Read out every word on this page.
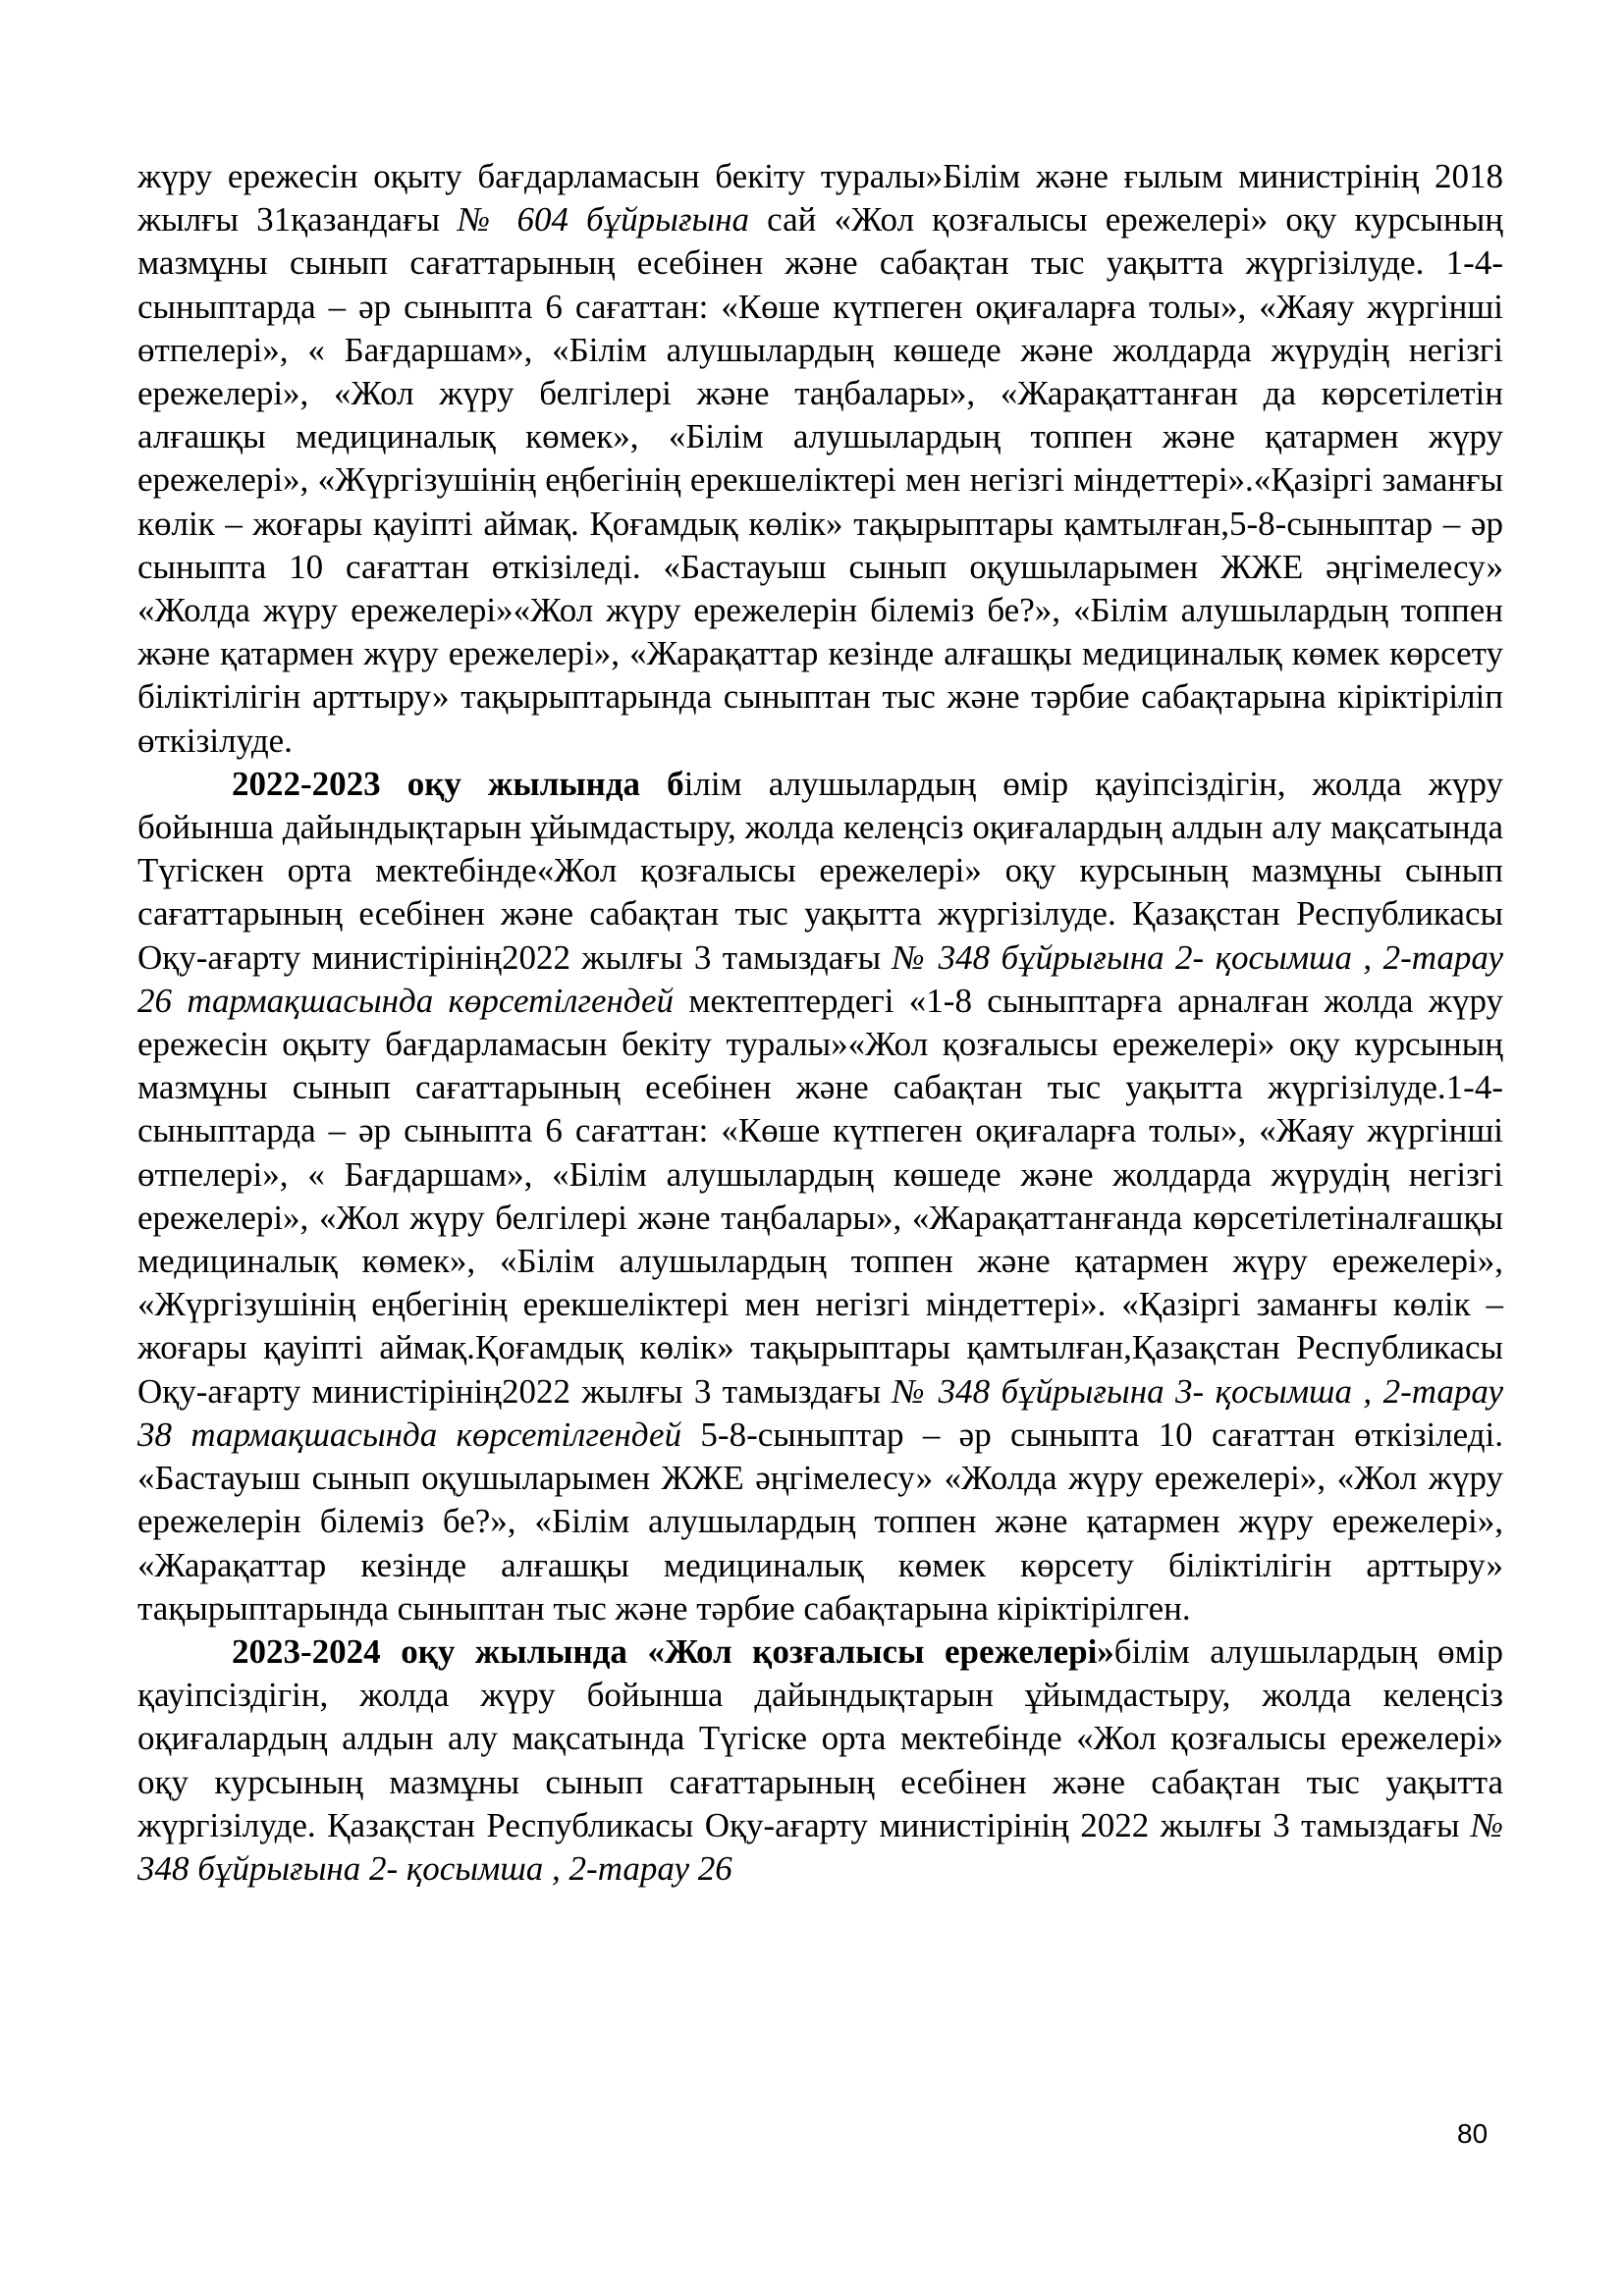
жүру ережесін оқыту бағдарламасын бекіту туралы»Білім және ғылым министрінің 2018 жылғы 31қазандағы № 604 бұйрығына сай «Жол қозғалысы ережелері» оқу курсының мазмұны сынып сағаттарының есебінен және сабақтан тыс уақытта жүргізілуде. 1-4-сыныптарда – әр сыныпта 6 сағаттан: «Көше күтпеген оқиғаларға толы», «Жаяу жүргінші өтпелері», « Бағдаршам», «Білім алушылардың көшеде және жолдарда жүрудің негізгі ережелері», «Жол жүру белгілері және таңбалары», «Жарақаттанған да көрсетілетін алғашқы медициналық көмек», «Білім алушылардың топпен және қатармен жүру ережелері», «Жүргізушінің еңбегінің ерекшеліктері мен негізгі міндеттері».«Қазіргі заманғы көлік – жоғары қауіпті аймақ. Қоғамдық көлік» тақырыптары қамтылған,5-8-сыныптар – әр сыныпта 10 сағаттан өткізіледі. «Бастауыш сынып оқушыларымен ЖЖЕ әңгімелесу» «Жолда жүру ережелері»«Жол жүру ережелерін білеміз бе?», «Білім алушылардың топпен және қатармен жүру ережелері», «Жарақаттар кезінде алғашқы медициналық көмек көрсету біліктілігін арттыру» тақырыптарында сыныптан тыс және тәрбие сабақтарына кіріктіріліп өткізілуде.

2022-2023 оқу жылында білім алушылардың өмір қауіпсіздігін, жолда жүру бойынша дайындықтарын ұйымдастыру, жолда келеңсіз оқиғалардың алдын алу мақсатында Түгіскен орта мектебінде«Жол қозғалысы ережелері» оқу курсының мазмұны сынып сағаттарының есебінен және сабақтан тыс уақытта жүргізілуде. Қазақстан Республикасы Оқу-ағарту министірінің2022 жылғы 3 тамыздағы № 348 бұйрығына 2- қосымша , 2-тарау 26 тармақшасында көрсетілгендей мектептердегі «1-8 сыныптарға арналған жолда жүру ережесін оқыту бағдарламасын бекіту туралы»«Жол қозғалысы ережелері» оқу курсының мазмұны сынып сағаттарының есебінен және сабақтан тыс уақытта жүргізілуде.1-4-сыныптарда – әр сыныпта 6 сағаттан: «Көше күтпеген оқиғаларға толы», «Жаяу жүргінші өтпелері», « Бағдаршам», «Білім алушылардың көшеде және жолдарда жүрудің негізгі ережелері», «Жол жүру белгілері және таңбалары», «Жарақаттанғанда көрсетілетіналғашқы медициналық көмек», «Білім алушылардың топпен және қатармен жүру ережелері», «Жүргізушінің еңбегінің ерекшеліктері мен негізгі міндеттері». «Қазіргі заманғы көлік – жоғары қауіпті аймақ.Қоғамдық көлік» тақырыптары қамтылған,Қазақстан Республикасы Оқу-ағарту министірінің2022 жылғы 3 тамыздағы № 348 бұйрығына 3- қосымша , 2-тарау 38 тармақшасында көрсетілгендей 5-8-сыныптар – әр сыныпта 10 сағаттан өткізіледі. «Бастауыш сынып оқушыларымен ЖЖЕ әңгімелесу» «Жолда жүру ережелері», «Жол жүру ережелерін білеміз бе?», «Білім алушылардың топпен және қатармен жүру ережелері», «Жарақаттар кезінде алғашқы медициналық көмек көрсету біліктілігін арттыру» тақырыптарында сыныптан тыс және тәрбие сабақтарына кіріктірілген.

2023-2024 оқу жылында «Жол қозғалысы ережелері»білім алушылардың өмір қауіпсіздігін, жолда жүру бойынша дайындықтарын ұйымдастыру, жолда келеңсіз оқиғалардың алдын алу мақсатында Түгіске орта мектебінде «Жол қозғалысы ережелері» оқу курсының мазмұны сынып сағаттарының есебінен және сабақтан тыс уақытта жүргізілуде. Қазақстан Республикасы Оқу-ағарту министірінің 2022 жылғы 3 тамыздағы № 348 бұйрығына 2- қосымша , 2-тарау 26

80
